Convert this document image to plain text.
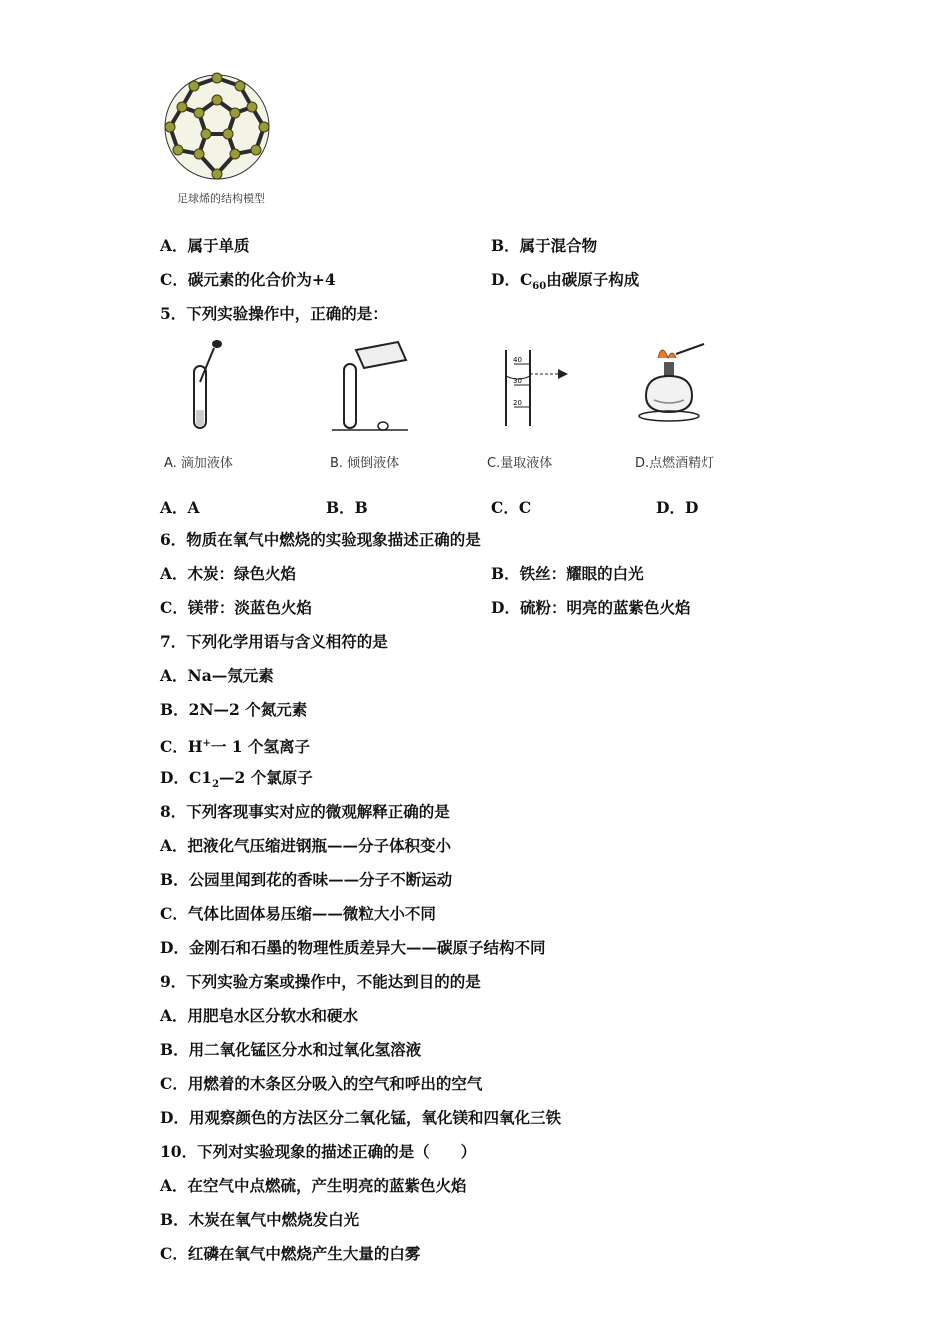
足球烯的结构模型
A．属于单质	B．属于混合物
C．碳元素的化合价为+4	D．$C_{60}$由碳原子构成
5．下列实验操作中，正确的是：
40
30
20
A. 滴加液体	B. 倾倒液体	C.量取液体	D.点燃酒精灯
A．A	B．B	C．C	D．D
6．物质在氧气中燃烧的实验现象描述正确的是
A．木炭：绿色火焰	B．铁丝：耀眼的白光
C．镁带：淡蓝色火焰	D．硫粉：明亮的蓝紫色火焰
7．下列化学用语与含义相符的是
A．Na—氖元素
B．2N—2 个氮元素
C．H+一 1 个氢离子
D．$C1_2—2$ 个氯原子
8．下列客现事实对应的微观解释正确的是
A．把液化气压缩进钢瓶——分子体积变小
B．公园里闻到花的香味——分子不断运动
C．气体比固体易压缩——微粒大小不同
D．金刚石和石墨的物理性质差异大——碳原子结构不同
9．下列实验方案或操作中，不能达到目的的是
A．用肥皂水区分软水和硬水
B．用二氧化锰区分水和过氧化氢溶液
C．用燃着的木条区分吸入的空气和呼出的空气
D．用观察颜色的方法区分二氧化锰，氧化镁和四氧化三铁
10．下列对实验现象的描述正确的是（　　）
A．在空气中点燃硫，产生明亮的蓝紫色火焰
B．木炭在氧气中燃烧发白光
C．红磷在氧气中燃烧产生大量的白雾
